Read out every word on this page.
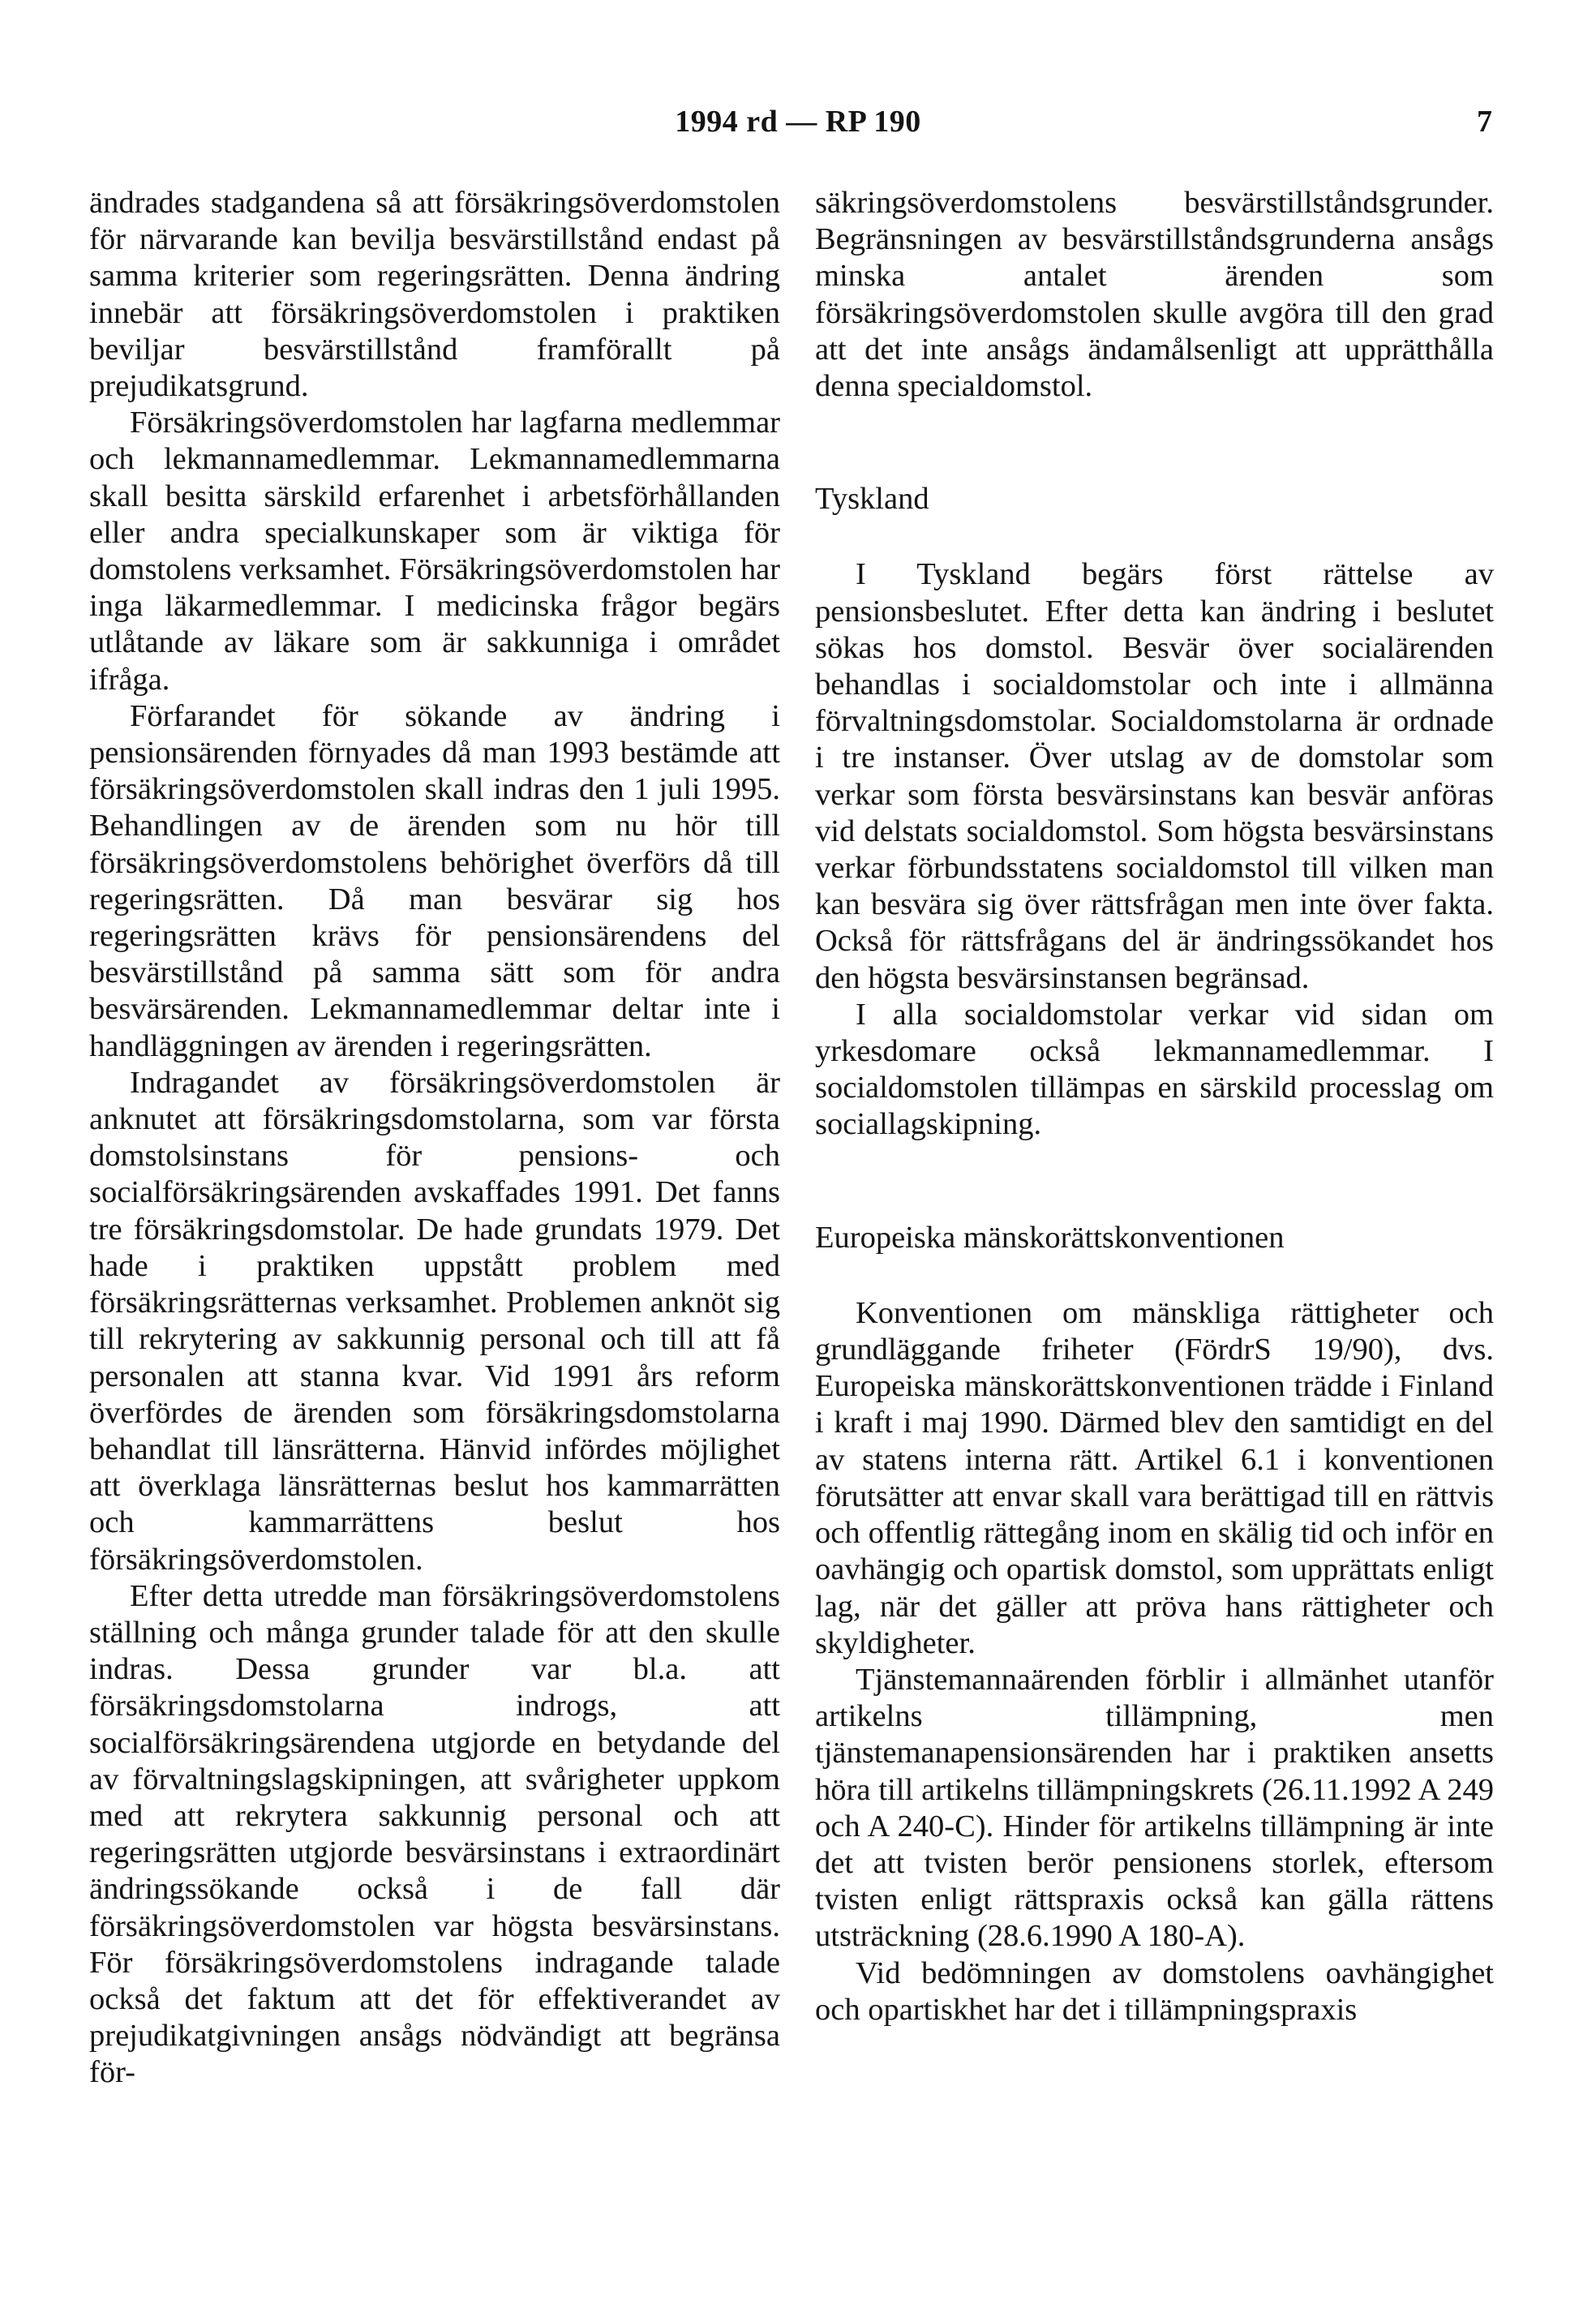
1994 rd — RP 190	7

ändrades stadgandena så att försäkringsöverdomstolen för närvarande kan bevilja besvärstillstånd endast på samma kriterier som regeringsrätten. Denna ändring innebär att försäkringsöverdomstolen i praktiken beviljar besvärstillstånd framförallt på prejudikatsgrund.

Försäkringsöverdomstolen har lagfarna medlemmar och lekmannamedlemmar. Lekmannamedlemmarna skall besitta särskild erfarenhet i arbetsförhållanden eller andra specialkunskaper som är viktiga för domstolens verksamhet. Försäkringsöverdomstolen har inga läkarmedlemmar. I medicinska frågor begärs utlåtande av läkare som är sakkunniga i området ifråga.

Förfarandet för sökande av ändring i pensionsärenden förnyades då man 1993 bestämde att försäkringsöverdomstolen skall indras den 1 juli 1995. Behandlingen av de ärenden som nu hör till försäkringsöverdomstolens behörighet överförs då till regeringsrätten. Då man besvärar sig hos regeringsrätten krävs för pensionsärendens del besvärstillstånd på samma sätt som för andra besvärsärenden. Lekmannamedlemmar deltar inte i handläggningen av ärenden i regeringsrätten.

Indragandet av försäkringsöverdomstolen är anknutet att försäkringsdomstolarna, som var första domstolsinstans för pensions- och socialförsäkringsärenden avskaffades 1991. Det fanns tre försäkringsdomstolar. De hade grundats 1979. Det hade i praktiken uppstått problem med försäkringsrätternas verksamhet. Problemen anknöt sig till rekrytering av sakkunnig personal och till att få personalen att stanna kvar. Vid 1991 års reform överfördes de ärenden som försäkringsdomstolarna behandlat till länsrätterna. Hänvid infördes möjlighet att överklaga länsrätternas beslut hos kammarrätten och kammarrättens beslut hos försäkringsöverdomstolen.

Efter detta utredde man försäkringsöverdomstolens ställning och många grunder talade för att den skulle indras. Dessa grunder var bl.a. att försäkringsdomstolarna indrogs, att socialförsäkringsärendena utgjorde en betydande del av förvaltningslagskipningen, att svårigheter uppkom med att rekrytera sakkunnig personal och att regeringsrätten utgjorde besvärsinstans i extraordinärt ändringssökande också i de fall där försäkringsöverdomstolen var högsta besvärsinstans. För försäkringsöverdomstolens indragande talade också det faktum att det för effektiverandet av prejudikatgivningen ansågs nödvändigt att begränsa för-

säkringsöverdomstolens besvärstillståndsgrunder. Begränsningen av besvärstillståndsgrunderna ansågs minska antalet ärenden som försäkringsöverdomstolen skulle avgöra till den grad att det inte ansågs ändamålsenligt att upprätthålla denna specialdomstol.

Tyskland

I Tyskland begärs först rättelse av pensionsbeslutet. Efter detta kan ändring i beslutet sökas hos domstol. Besvär över socialärenden behandlas i socialdomstolar och inte i allmänna förvaltningsdomstolar. Socialdomstolarna är ordnade i tre instanser. Över utslag av de domstolar som verkar som första besvärsinstans kan besvär anföras vid delstats socialdomstol. Som högsta besvärsinstans verkar förbundsstatens socialdomstol till vilken man kan besvära sig över rättsfrågan men inte över fakta. Också för rättsfrågans del är ändringssökandet hos den högsta besvärsinstansen begränsad.

I alla socialdomstolar verkar vid sidan om yrkesdomare också lekmannamedlemmar. I socialdomstolen tillämpas en särskild processlag om sociallagskipning.

Europeiska mänskorättskonventionen

Konventionen om mänskliga rättigheter och grundläggande friheter (FördrS 19/90), dvs. Europeiska mänskorättskonventionen trädde i Finland i kraft i maj 1990. Därmed blev den samtidigt en del av statens interna rätt. Artikel 6.1 i konventionen förutsätter att envar skall vara berättigad till en rättvis och offentlig rättegång inom en skälig tid och inför en oavhängig och opartisk domstol, som upprättats enligt lag, när det gäller att pröva hans rättigheter och skyldigheter.

Tjänstemannaärenden förblir i allmänhet utanför artikelns tillämpning, men tjänstemanapensionsärenden har i praktiken ansetts höra till artikelns tillämpningskrets (26.11.1992 A 249 och A 240-C). Hinder för artikelns tillämpning är inte det att tvisten berör pensionens storlek, eftersom tvisten enligt rättspraxis också kan gälla rättens utsträckning (28.6.1990 A 180-A).

Vid bedömningen av domstolens oavhängighet och opartiskhet har det i tillämpningspraxis
